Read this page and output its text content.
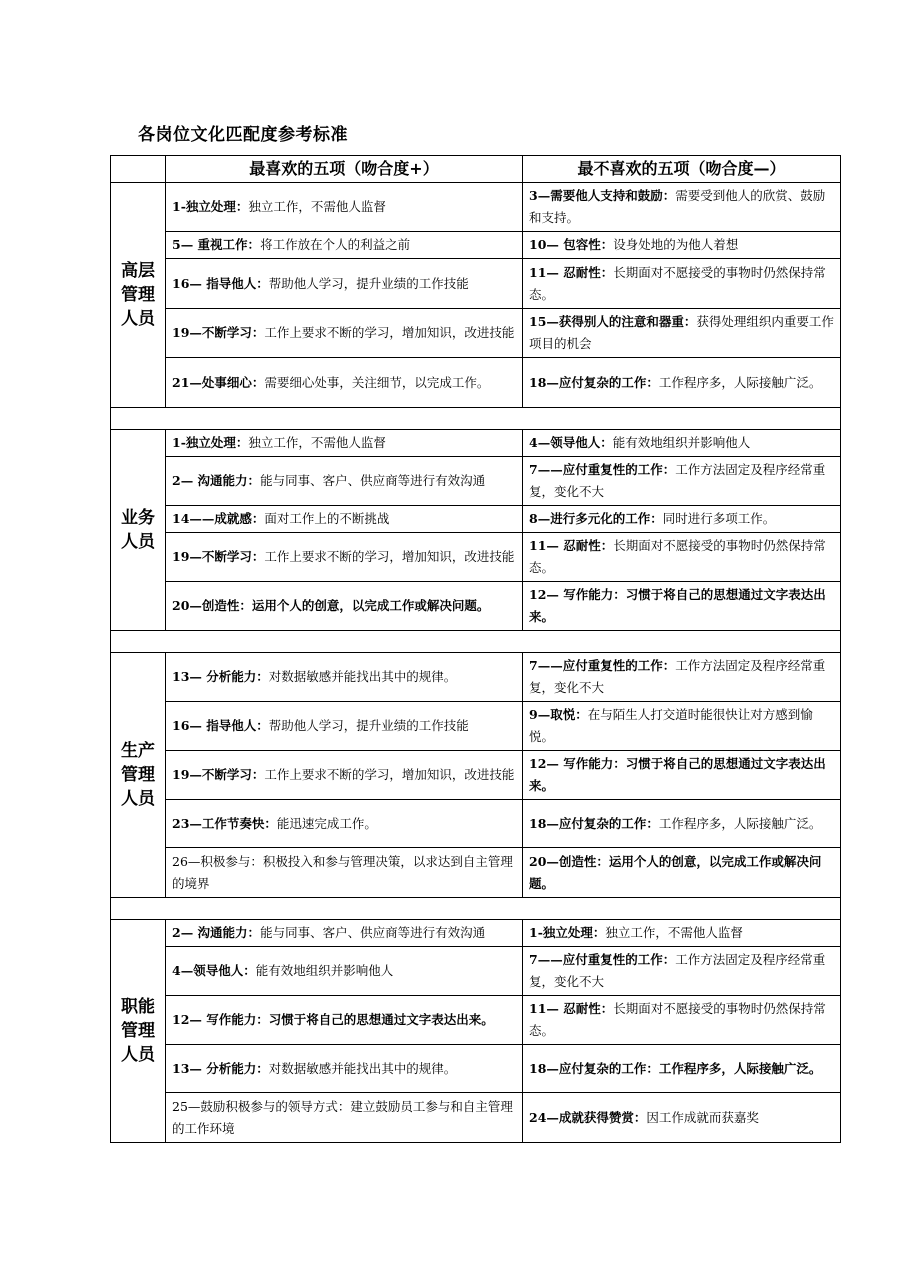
各岗位文化匹配度参考标准
	最喜欢的五项（吻合度+）	最不喜欢的五项（吻合度—）
高层
管理
人员	1-独立处理：独立工作，不需他人监督	3—需要他人支持和鼓励：需要受到他人的欣赏、鼓励和支持。
	5— 重视工作：将工作放在个人的利益之前	10— 包容性：设身处地的为他人着想
	16— 指导他人：帮助他人学习，提升业绩的工作技能	11— 忍耐性：长期面对不愿接受的事物时仍然保持常态。
	19—不断学习：工作上要求不断的学习，增加知识，改进技能	15—获得别人的注意和器重：获得处理组织内重要工作项目的机会
	21—处事细心：需要细心处事，关注细节，以完成工作。	18—应付复杂的工作：工作程序多，人际接触广泛。

业务
人员	1-独立处理：独立工作，不需他人监督	4—领导他人：能有效地组织并影响他人
	2— 沟通能力：能与同事、客户、供应商等进行有效沟通	7——应付重复性的工作：工作方法固定及程序经常重复，变化不大
	14——成就感：面对工作上的不断挑战	8—进行多元化的工作：同时进行多项工作。
	19—不断学习：工作上要求不断的学习，增加知识，改进技能	11— 忍耐性：长期面对不愿接受的事物时仍然保持常态。
	20—创造性：运用个人的创意，以完成工作或解决问题。	12— 写作能力：习惯于将自己的思想通过文字表达出来。

生产
管理
人员	13— 分析能力：对数据敏感并能找出其中的规律。	7——应付重复性的工作：工作方法固定及程序经常重复，变化不大
	16— 指导他人：帮助他人学习，提升业绩的工作技能	9—取悦：在与陌生人打交道时能很快让对方感到愉悦。
	19—不断学习：工作上要求不断的学习，增加知识，改进技能	12— 写作能力：习惯于将自己的思想通过文字表达出来。
	23—工作节奏快：能迅速完成工作。	18—应付复杂的工作：工作程序多，人际接触广泛。
	26—积极参与：积极投入和参与管理决策，以求达到自主管理的境界	20—创造性：运用个人的创意，以完成工作或解决问题。

职能
管理
人员	2— 沟通能力：能与同事、客户、供应商等进行有效沟通	1-独立处理：独立工作，不需他人监督
	4—领导他人：能有效地组织并影响他人	7——应付重复性的工作：工作方法固定及程序经常重复，变化不大
	12— 写作能力：习惯于将自己的思想通过文字表达出来。	11— 忍耐性：长期面对不愿接受的事物时仍然保持常态。
	13— 分析能力：对数据敏感并能找出其中的规律。	18—应付复杂的工作：工作程序多，人际接触广泛。
	25—鼓励积极参与的领导方式：建立鼓励员工参与和自主管理的工作环境	24—成就获得赞赏：因工作成就而获嘉奖
